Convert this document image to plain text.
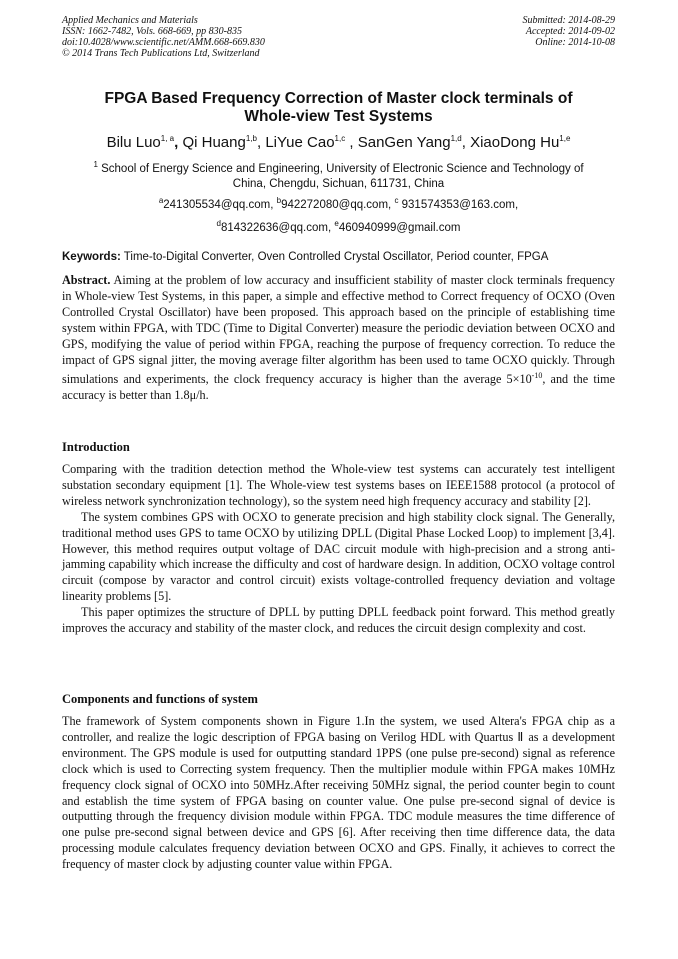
Applied Mechanics and Materials
ISSN: 1662-7482, Vols. 668-669, pp 830-835
doi:10.4028/www.scientific.net/AMM.668-669.830
© 2014 Trans Tech Publications Ltd, Switzerland
Submitted: 2014-08-29
Accepted: 2014-09-02
Online: 2014-10-08
FPGA Based Frequency Correction of Master clock terminals of
Whole-view Test Systems
Bilu Luo$^{1, a}$, Qi Huang$^{1,b}$, LiYue Cao$^{1,c}$ , SanGen Yang$^{1,d}$, XiaoDong Hu$^{1,e}$
$^1$ School of Energy Science and Engineering, University of Electronic Science and Technology of
China, Chengdu, Sichuan, 611731, China
$^a$241305534@qq.com, $^b$942272080@qq.com, $^c$ 931574353@163.com,
$^d$814322636@qq.com, $^e$460940999@gmail.com
Keywords: Time-to-Digital Converter, Oven Controlled Crystal Oscillator, Period counter, FPGA
Abstract. Aiming at the problem of low accuracy and insufficient stability of master clock terminals frequency in Whole-view Test Systems, in this paper, a simple and effective method to Correct frequency of OCXO (Oven Controlled Crystal Oscillator) have been proposed. This approach based on the principle of establishing time system within FPGA, with TDC (Time to Digital Converter) measure the periodic deviation between OCXO and GPS, modifying the value of period within FPGA, reaching the purpose of frequency correction. To reduce the impact of GPS signal jitter, the moving average filter algorithm has been used to tame OCXO quickly. Through simulations and experiments, the clock frequency accuracy is higher than the average $5\times 10^{-10}$, and the time accuracy is better than 1.8μ/h.
Introduction
Comparing with the tradition detection method the Whole-view test systems can accurately test intelligent substation secondary equipment [1]. The Whole-view test systems bases on IEEE1588 protocol (a protocol of wireless network synchronization technology), so the system need high frequency accuracy and stability [2].
The system combines GPS with OCXO to generate precision and high stability clock signal. The Generally, traditional method uses GPS to tame OCXO by utilizing DPLL (Digital Phase Locked Loop) to implement [3,4]. However, this method requires output voltage of DAC circuit module with high-precision and a strong anti-jamming capability which increase the difficulty and cost of hardware design. In addition, OCXO voltage control circuit (compose by varactor and control circuit) exists voltage-controlled frequency deviation and voltage linearity problems [5].
This paper optimizes the structure of DPLL by putting DPLL feedback point forward. This method greatly improves the accuracy and stability of the master clock, and reduces the circuit design complexity and cost.
Components and functions of system
The framework of System components shown in Figure 1.In the system, we used Altera's FPGA chip as a controller, and realize the logic description of FPGA basing on Verilog HDL with Quartus Ⅱ as a development environment. The GPS module is used for outputting standard 1PPS (one pulse pre-second) signal as reference clock which is used to Correcting system frequency. Then the multiplier module within FPGA makes 10MHz frequency clock signal of OCXO into 50MHz.After receiving 50MHz signal, the period counter begin to count and establish the time system of FPGA basing on counter value. One pulse pre-second signal of device is outputting through the frequency division module within FPGA. TDC module measures the time difference of one pulse pre-second signal between device and GPS [6]. After receiving then time difference data, the data processing module calculates frequency deviation between OCXO and GPS. Finally, it achieves to correct the frequency of master clock by adjusting counter value within FPGA.
